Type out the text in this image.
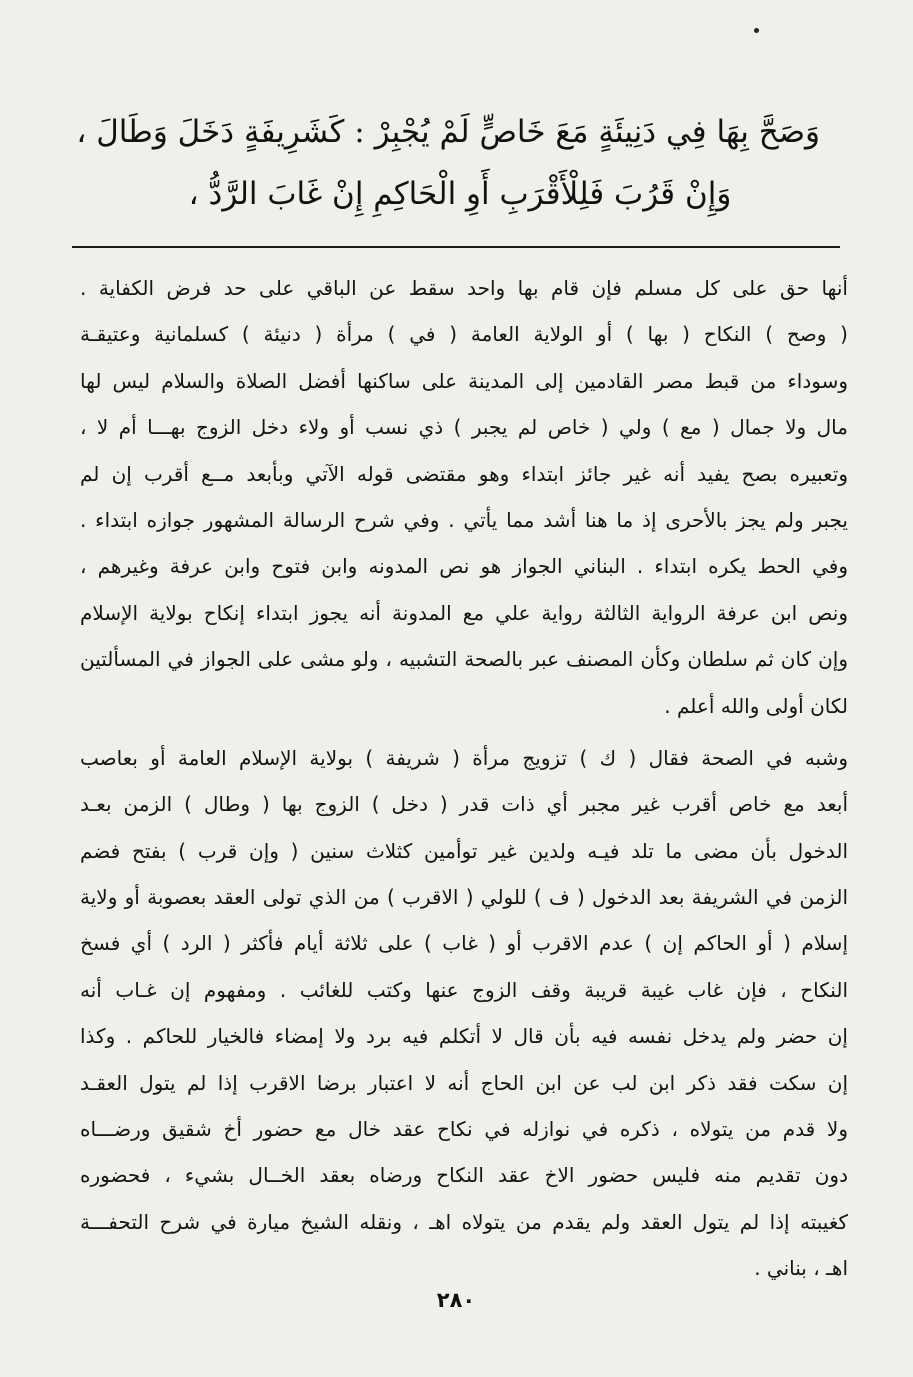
وَصَحَّ بِهَا فِي دَنِيئَةٍ مَعَ خَاصٍّ لَمْ يُجْبِرْ : كَشَرِيفَةٍ دَخَلَ وَطَالَ ،
وَإِنْ قَرُبَ فَلِلْأَقْرَبِ أَوِ الْحَاكِمِ إِنْ غَابَ الرَّدُّ ،
أنها حق على كل مسلم فإن قام بها واحد سقط عن الباقي على حد فرض الكفاية .
( وصح ) النكاح ( بها ) أو الولاية العامة ( في ) مرأة ( دنيئة ) كسلمانية وعتيقـة
وسوداء من قبط مصر القادمين إلى المدينة على ساكنها أفضل الصلاة والسلام ليس لها
مال ولا جمال ( مع ) ولي ( خاص لم يجبر ) ذي نسب أو ولاء دخل الزوج بهـــا أم لا ،
وتعبيره بصح يفيد أنه غير جائز ابتداء وهو مقتضى قوله الآتي وبأبعد مــع أقرب إن لم
يجبر ولم يجز بالأحرى إذ ما هنا أشد مما يأتي . وفي شرح الرسالة المشهور جوازه ابتداء .
وفي الحط يكره ابتداء . البناني الجواز هو نص المدونه وابن فتوح وابن عرفة وغيرهم ،
ونص ابن عرفة الرواية الثالثة رواية علي مع المدونة أنه يجوز ابتداء إنكاح بولاية الإسلام
وإن كان ثم سلطان وكأن المصنف عبر بالصحة التشبيه ، ولو مشى على الجواز في المسألتين
لكان أولى والله أعلم .
وشبه في الصحة فقال ( ك ) تزويج مرأة ( شريفة ) بولاية الإسلام العامة أو بعاصب
أبعد مع خاص أقرب غير مجبر أي ذات قدر ( دخل ) الزوج بها ( وطال ) الزمن بعـد
الدخول بأن مضى ما تلد فيـه ولدين غير توأمين كثلاث سنين ( وإن قرب ) بفتح فضم
الزمن في الشريفة بعد الدخول ( ف ) للولي ( الاقرب ) من الذي تولى العقد بعصوبة أو ولاية
إسلام ( أو الحاكم إن ) عدم الاقرب أو ( غاب ) على ثلاثة أيام فأكثر ( الرد ) أي فسخ
النكاح ، فإن غاب غيبة قريبة وقف الزوج عنها وكتب للغائب . ومفهوم إن غـاب أنه
إن حضر ولم يدخل نفسه فيه بأن قال لا أتكلم فيه برد ولا إمضاء فالخيار للحاكم . وكذا
إن سكت فقد ذكر ابن لب عن ابن الحاج أنه لا اعتبار برضا الاقرب إذا لم يتول العقـد
ولا قدم من يتولاه ، ذكره في نوازله في نكاح عقد خال مع حضور أخ شقيق ورضـــاه
دون تقديم منه فليس حضور الاخ عقد النكاح ورضاه بعقد الخــال بشيء ، فحضوره
كغيبته إذا لم يتول العقد ولم يقدم من يتولاه اهـ ، ونقله الشيخ ميارة في شرح التحفـــة
اهـ ، بناني .
٢٨٠
